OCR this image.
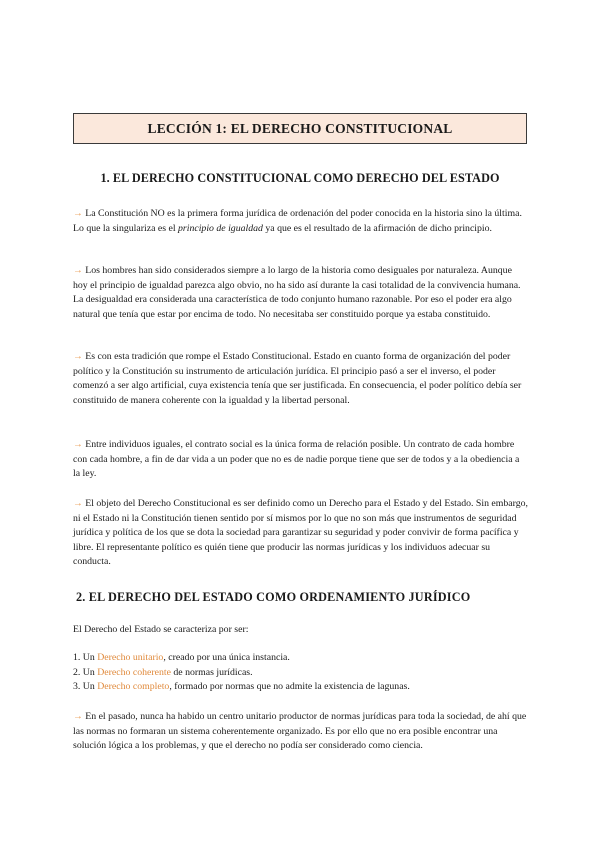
LECCIÓN 1: EL DERECHO CONSTITUCIONAL
1. EL DERECHO CONSTITUCIONAL COMO DERECHO DEL ESTADO

→ La Constitución NO es la primera forma jurídica de ordenación del poder conocida en la historia sino la última. Lo que la singulariza es el principio de igualdad ya que es el resultado de la afirmación de dicho principio.

→ Los hombres han sido considerados siempre a lo largo de la historia como desiguales por naturaleza. Aunque hoy el principio de igualdad parezca algo obvio, no ha sido así durante la casi totalidad de la convivencia humana. La desigualdad era considerada una característica de todo conjunto humano razonable. Por eso el poder era algo natural que tenía que estar por encima de todo. No necesitaba ser constituido porque ya estaba constituido.

→ Es con esta tradición que rompe el Estado Constitucional. Estado en cuanto forma de organización del poder político y la Constitución su instrumento de articulación jurídica. El principio pasó a ser el inverso, el poder comenzó a ser algo artificial, cuya existencia tenía que ser justificada. En consecuencia, el poder político debía ser constituido de manera coherente con la igualdad y la libertad personal.

→ Entre individuos iguales, el contrato social es la única forma de relación posible. Un contrato de cada hombre con cada hombre, a fin de dar vida a un poder que no es de nadie porque tiene que ser de todos y a la obediencia a la ley.

→ El objeto del Derecho Constitucional es ser definido como un Derecho para el Estado y del Estado. Sin embargo, ni el Estado ni la Constitución tienen sentido por sí mismos por lo que no son más que instrumentos de seguridad jurídica y política de los que se dota la sociedad para garantizar su seguridad y poder convivir de forma pacífica y libre. El representante político es quién tiene que producir las normas jurídicas y los individuos adecuar su conducta.

2. EL DERECHO DEL ESTADO COMO ORDENAMIENTO JURÍDICO

El Derecho del Estado se caracteriza por ser:

1. Un Derecho unitario, creado por una única instancia.
2. Un Derecho coherente de normas jurídicas.
3. Un Derecho completo, formado por normas que no admite la existencia de lagunas.

→ En el pasado, nunca ha habido un centro unitario productor de normas jurídicas para toda la sociedad, de ahí que las normas no formaran un sistema coherentemente organizado. Es por ello que no era posible encontrar una solución lógica a los problemas, y que el derecho no podía ser considerado como ciencia.
